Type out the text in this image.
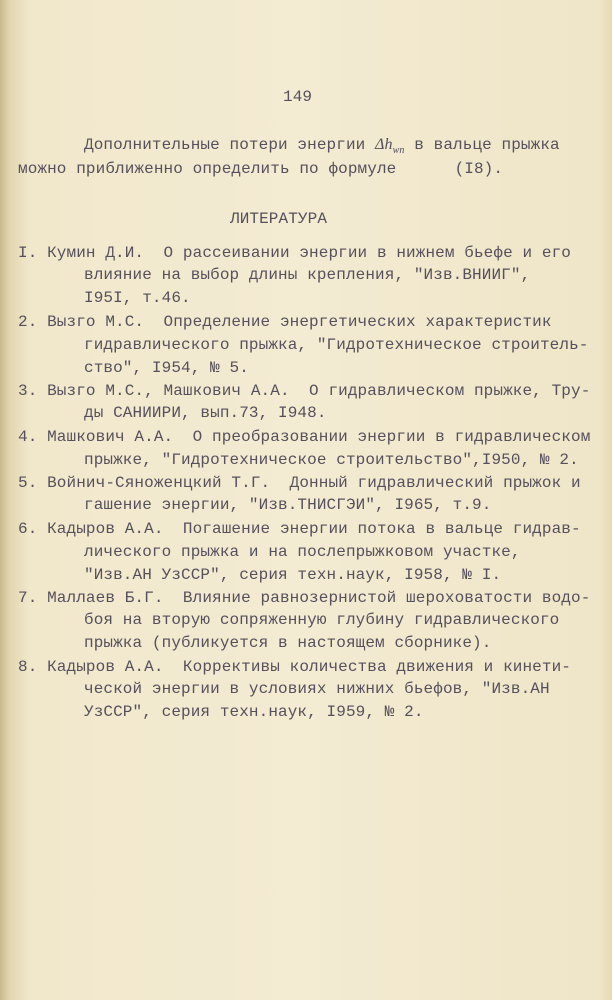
149
Дополнительные потери энергии $\Delta h_{wn}$ в вальце прыжка
можно приближенно определить по формуле      (I8).
ЛИТЕРАТУРА
I. Кумин Д.И.  О рассеивании энергии в нижнем бьефе и его
влияние на выбор длины крепления, "Изв.ВНИИГ",
I95I, т.46.
2. Вызго М.С.  Определение энергетических характеристик
гидравлического прыжка, "Гидротехническое строитель-
ство", I954, № 5.
3. Вызго М.С., Машкович А.А.  О гидравлическом прыжке, Тру-
ды САНИИРИ, вып.73, I948.
4. Машкович А.А.  О преобразовании энергии в гидравлическом
прыжке, "Гидротехническое строительство",I950, № 2.
5. Войнич-Сяноженцкий Т.Г.  Донный гидравлический прыжок и
гашение энергии, "Изв.ТНИСГЭИ", I965, т.9.
6. Кадыров А.А.  Погашение энергии потока в вальце гидрав-
лического прыжка и на послепрыжковом участке,
"Изв.АН УзССР", серия техн.наук, I958, № I.
7. Маллаев Б.Г.  Влияние равнозернистой шероховатости водо-
боя на вторую сопряженную глубину гидравлического
прыжка (публикуется в настоящем сборнике).
8. Кадыров А.А.  Коррективы количества движения и кинети-
ческой энергии в условиях нижних бьефов, "Изв.АН
УзССР", серия техн.наук, I959, № 2.
